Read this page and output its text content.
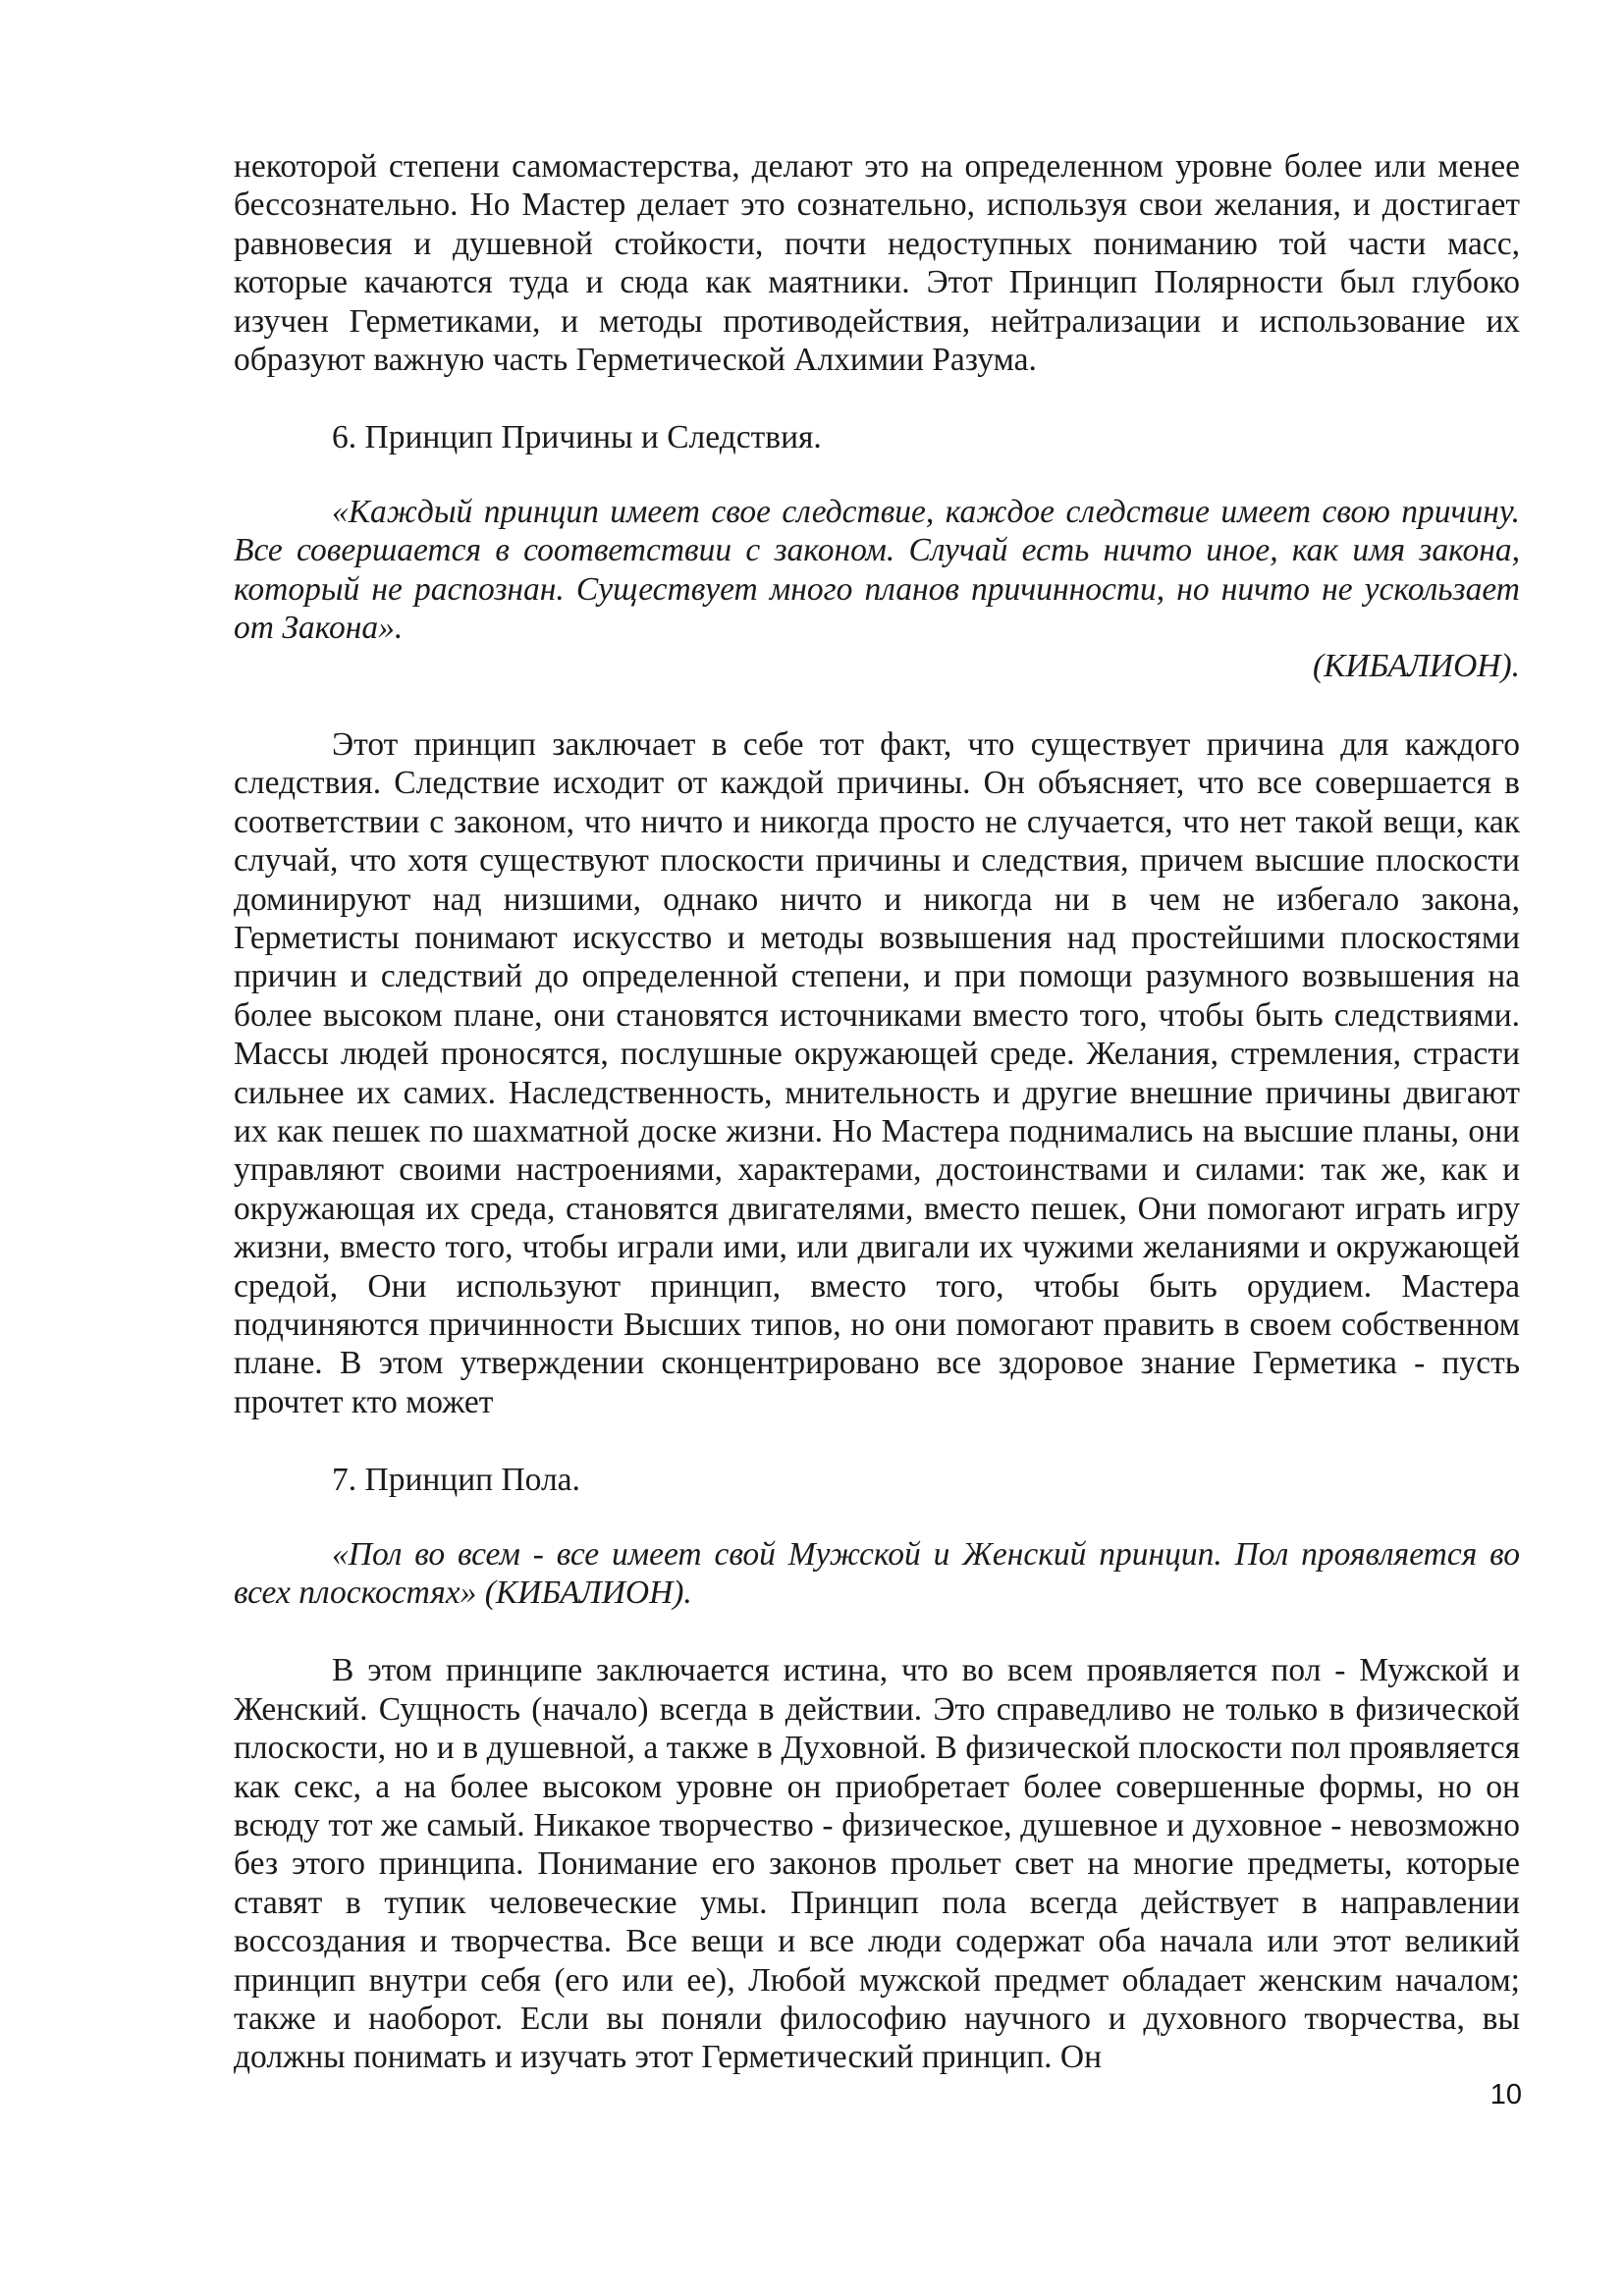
некоторой степени самомастерства, делают это на определенном уровне более или менее бессознательно. Но Мастер делает это сознательно, используя свои желания, и достигает равновесия и душевной стойкости, почти недоступных пониманию той части масс, которые качаются туда и сюда как маятники. Этот Принцип Полярности был глубоко изучен Герметиками, и методы противодействия, нейтрализации и использование их образуют важную часть Герметической Алхимии Разума.

6. Принцип Причины и Следствия.

«Каждый принцип имеет свое следствие, каждое следствие имеет свою причину. Все совершается в соответствии с законом. Случай есть ничто иное, как имя закона, который не распознан. Существует много планов причинности, но ничто не ускользает от Закона».

(КИБАЛИОН).

Этот принцип заключает в себе тот факт, что существует причина для каждого следствия. Следствие исходит от каждой причины. Он объясняет, что все совершается в соответствии с законом, что ничто и никогда просто не случается, что нет такой вещи, как случай, что хотя существуют плоскости причины и следствия, причем высшие плоскости доминируют над низшими, однако ничто и никогда ни в чем не избегало закона, Герметисты понимают искусство и методы возвышения над простейшими плоскостями причин и следствий до определенной степени, и при помощи разумного возвышения на более высоком плане, они становятся источниками вместо того, чтобы быть следствиями. Массы людей проносятся, послушные окружающей среде. Желания, стремления, страсти сильнее их самих. Наследственность, мнительность и другие внешние причины двигают их как пешек по шахматной доске жизни. Но Мастера поднимались на высшие планы, они управляют своими настроениями, характерами, достоинствами и силами: так же, как и окружающая их среда, становятся двигателями, вместо пешек, Они помогают играть игру жизни, вместо того, чтобы играли ими, или двигали их чужими желаниями и окружающей средой, Они используют принцип, вместо того, чтобы быть орудием. Мастера подчиняются причинности Высших типов, но они помогают править в своем собственном плане. В этом утверждении сконцентрировано все здоровое знание Герметика - пусть прочтет кто может

7. Принцип Пола.

«Пол во всем - все имеет свой Мужской и Женский принцип. Пол проявляется во всех плоскостях» (КИБАЛИОН).

В этом принципе заключается истина, что во всем проявляется пол - Мужской и Женский. Сущность (начало) всегда в действии. Это справедливо не только в физической плоскости, но и в душевной, а также в Духовной. В физической плоскости пол проявляется как секс, а на более высоком уровне он приобретает более совершенные формы, но он всюду тот же самый. Никакое творчество - физическое, душевное и духовное - невозможно без этого принципа. Понимание его законов прольет свет на многие предметы, которые ставят в тупик человеческие умы. Принцип пола всегда действует в направлении воссоздания и творчества. Все вещи и все люди содержат оба начала или этот великий принцип внутри себя (его или ее), Любой мужской предмет обладает женским началом; также и наоборот. Если вы поняли философию научного и духовного творчества, вы должны понимать и изучать этот Герметический принцип. Он

10
